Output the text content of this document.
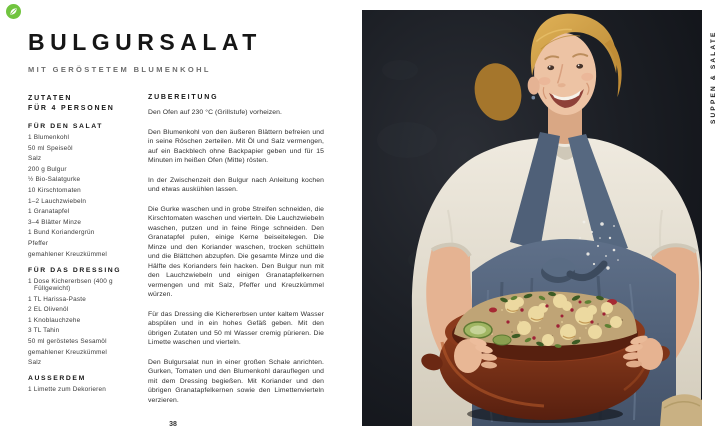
BULGURSALAT
MIT GERÖSTETEM BLUMENKOHL
ZUTATEN
FÜR 4 PERSONEN
FÜR DEN SALAT
1 Blumenkohl
50 ml Speiseöl
Salz
200 g Bulgur
½ Bio-Salatgurke
10 Kirschtomaten
1–2 Lauchzwiebeln
1 Granatapfel
3–4 Blätter Minze
1 Bund Koriandergrün
Pfeffer
gemahlener Kreuzkümmel
FÜR DAS DRESSING
1 Dose Kichererbsen (400 g Füllgewicht)
1 TL Harissa-Paste
2 EL Olivenöl
1 Knoblauchzehe
3 TL Tahin
50 ml geröstetes Sesamöl
gemahlener Kreuzkümmel
Salz
AUSSERDEM
1 Limette zum Dekorieren
ZUBEREITUNG

Den Ofen auf 230 °C (Grillstufe) vorheizen.

Den Blumenkohl von den äußeren Blättern befreien und in seine Röschen zerteilen. Mit Öl und Salz vermengen, auf ein Backblech ohne Backpapier geben und für 15 Minuten im heißen Ofen (Mitte) rösten.

In der Zwischenzeit den Bulgur nach Anleitung kochen und etwas auskühlen lassen.

Die Gurke waschen und in grobe Streifen schneiden, die Kirschtomaten waschen und vierteln. Die Lauchzwiebeln waschen, putzen und in feine Ringe schneiden. Den Granatapfel pulen, einige Kerne beiseitelegen. Die Minze und den Koriander waschen, trocken schütteln und die Blättchen abzupfen. Die gesamte Minze und die Hälfte des Korianders fein hacken. Den Bulgur nun mit den Lauchzwiebeln und einigen Granatapfelkernen vermengen und mit Salz, Pfeffer und Kreuzkümmel würzen.

Für das Dressing die Kichererbsen unter kaltem Wasser abspülen und in ein hohes Gefäß geben. Mit den übrigen Zutaten und 50 ml Wasser cremig pürieren. Die Limette waschen und vierteln.

Den Bulgursalat nun in einer großen Schale anrichten. Gurken, Tomaten und den Blumenkohl darauflegen und mit dem Dressing begießen. Mit Koriander und den übrigen Granatapfelkernen sowie den Limettenvierteln verzieren.

38
SUPPEN & SALATE
